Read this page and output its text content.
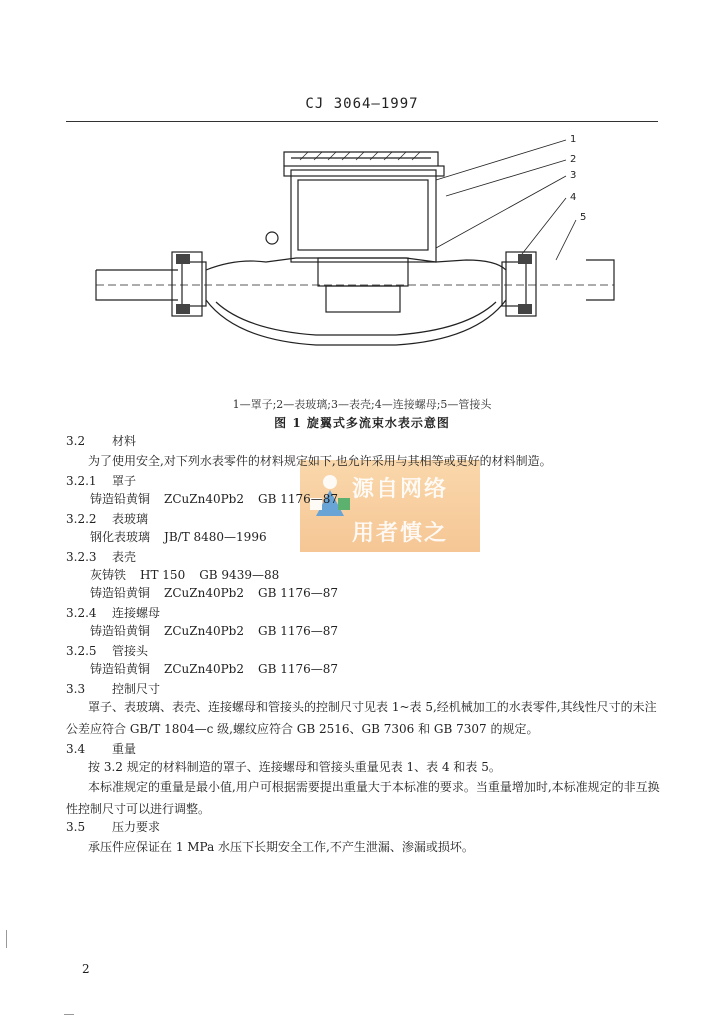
CJ 3064—1997
1
2
3
4
5
1—罩子;2—表玻璃;3—表壳;4—连接螺母;5—管接头
图 1 旋翼式多流束水表示意图
源自网络
用者慎之
3.2 材料
为了使用安全,对下列水表零件的材料规定如下,也允许采用与其相等或更好的材料制造。
3.2.1 罩子
铸造铅黄铜 ZCuZn40Pb2 GB 1176—87
3.2.2 表玻璃
钢化表玻璃 JB/T 8480—1996
3.2.3 表壳
灰铸铁 HT 150 GB 9439—88
铸造铅黄铜 ZCuZn40Pb2 GB 1176—87
3.2.4 连接螺母
铸造铅黄铜 ZCuZn40Pb2 GB 1176—87
3.2.5 管接头
铸造铅黄铜 ZCuZn40Pb2 GB 1176—87
3.3 控制尺寸
罩子、表玻璃、表壳、连接螺母和管接头的控制尺寸见表 1~表 5,经机械加工的水表零件,其线性尺寸的未注公差应符合 GB/T 1804—c 级,螺纹应符合 GB 2516、GB 7306 和 GB 7307 的规定。
3.4 重量
按 3.2 规定的材料制造的罩子、连接螺母和管接头重量见表 1、表 4 和表 5。
本标准规定的重量是最小值,用户可根据需要提出重量大于本标准的要求。当重量增加时,本标准规定的非互换性控制尺寸可以进行调整。
3.5 压力要求
承压件应保证在 1 MPa 水压下长期安全工作,不产生泄漏、渗漏或损坏。
2
